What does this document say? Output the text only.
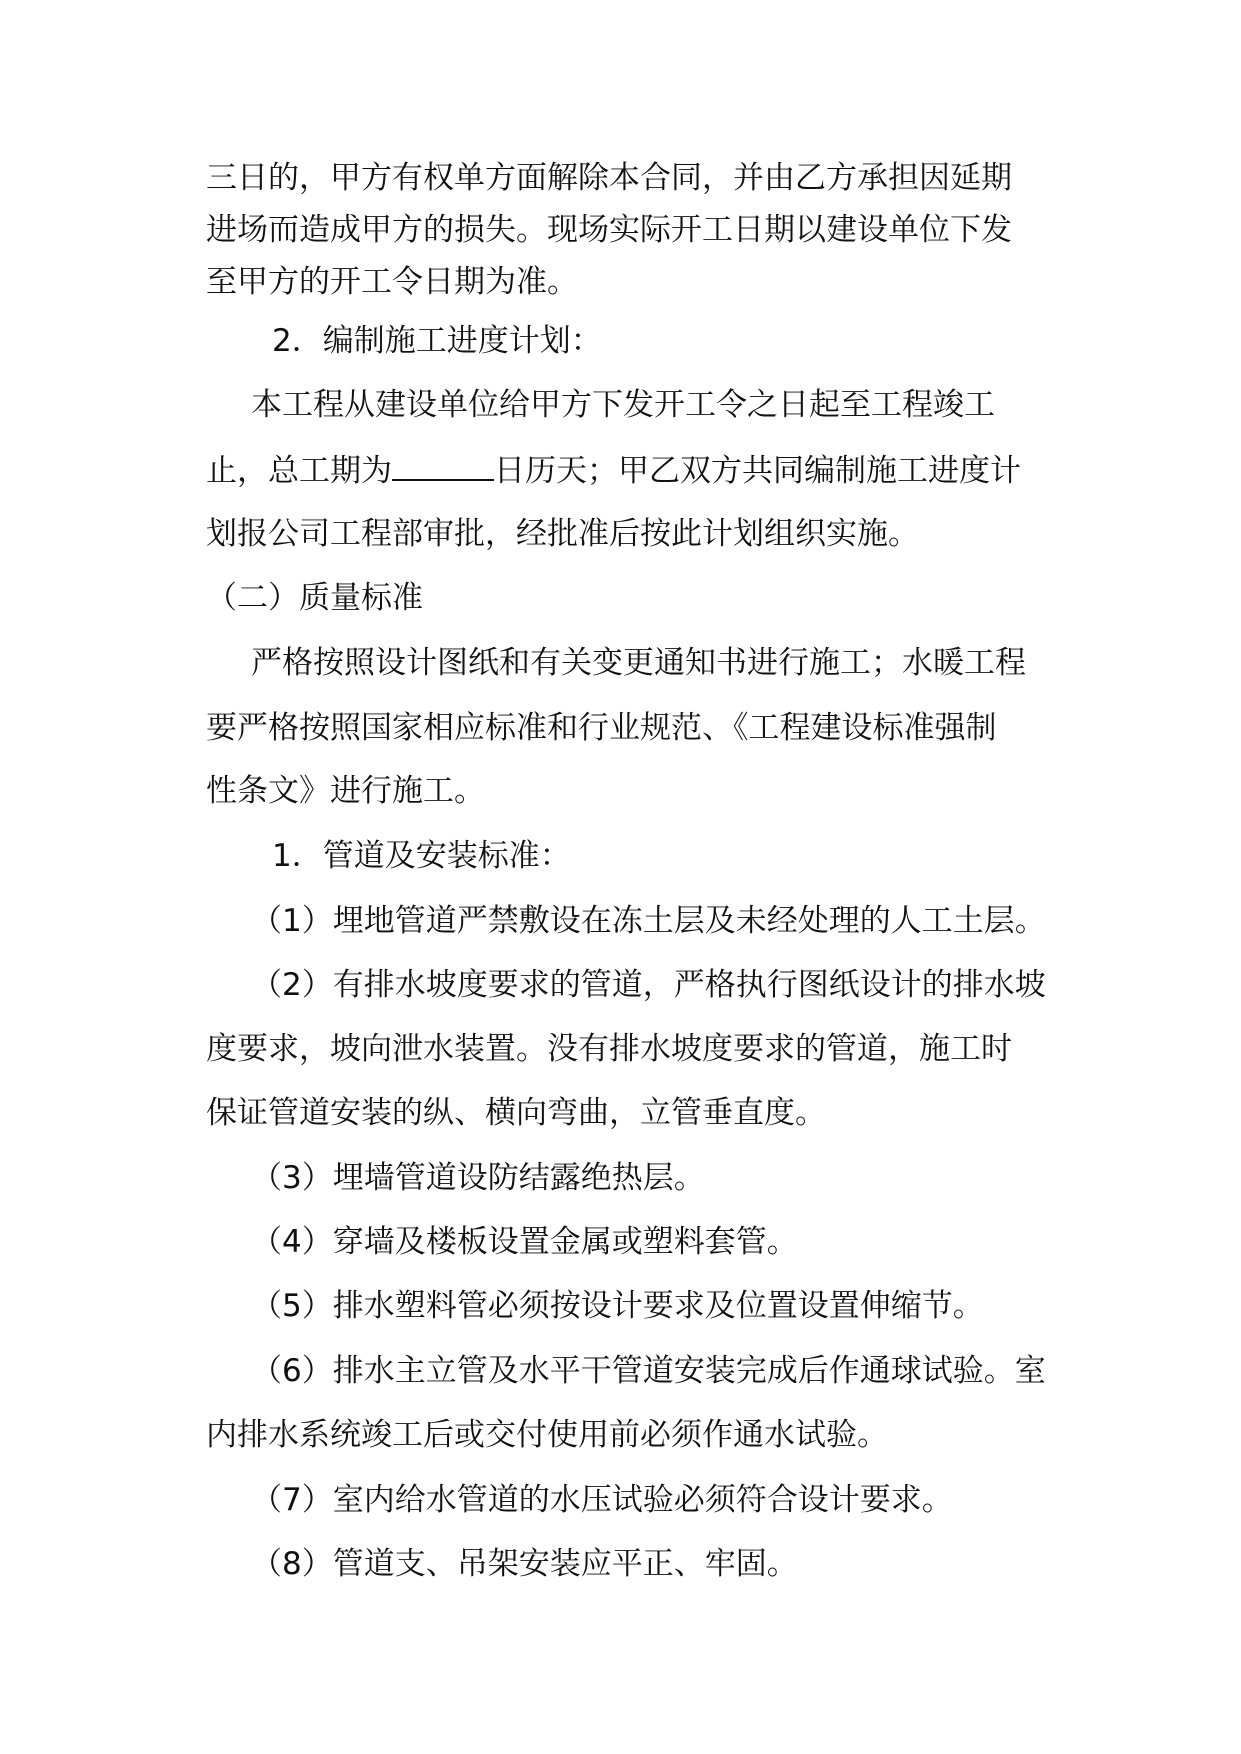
三日的，甲方有权单方面解除本合同，并由乙方承担因延期
进场而造成甲方的损失。现场实际开工日期以建设单位下发
至甲方的开工令日期为准。
2．编制施工进度计划：
本工程从建设单位给甲方下发开工令之日起至工程竣工
止，总工期为	日历天；甲乙双方共同编制施工进度计
划报公司工程部审批，经批准后按此计划组织实施。
（二）质量标准
严格按照设计图纸和有关变更通知书进行施工；水暖工程
要严格按照国家相应标准和行业规范、《工程建设标准强制
性条文》进行施工。
1．管道及安装标准：
（1）埋地管道严禁敷设在冻土层及未经处理的人工土层。
（2）有排水坡度要求的管道，严格执行图纸设计的排水坡
度要求，坡向泄水装置。没有排水坡度要求的管道，施工时
保证管道安装的纵、横向弯曲，立管垂直度。
（3）埋墙管道设防结露绝热层。
（4）穿墙及楼板设置金属或塑料套管。
（5）排水塑料管必须按设计要求及位置设置伸缩节。
（6）排水主立管及水平干管道安装完成后作通球试验。室
内排水系统竣工后或交付使用前必须作通水试验。
（7）室内给水管道的水压试验必须符合设计要求。
（8）管道支、吊架安装应平正、牢固。
